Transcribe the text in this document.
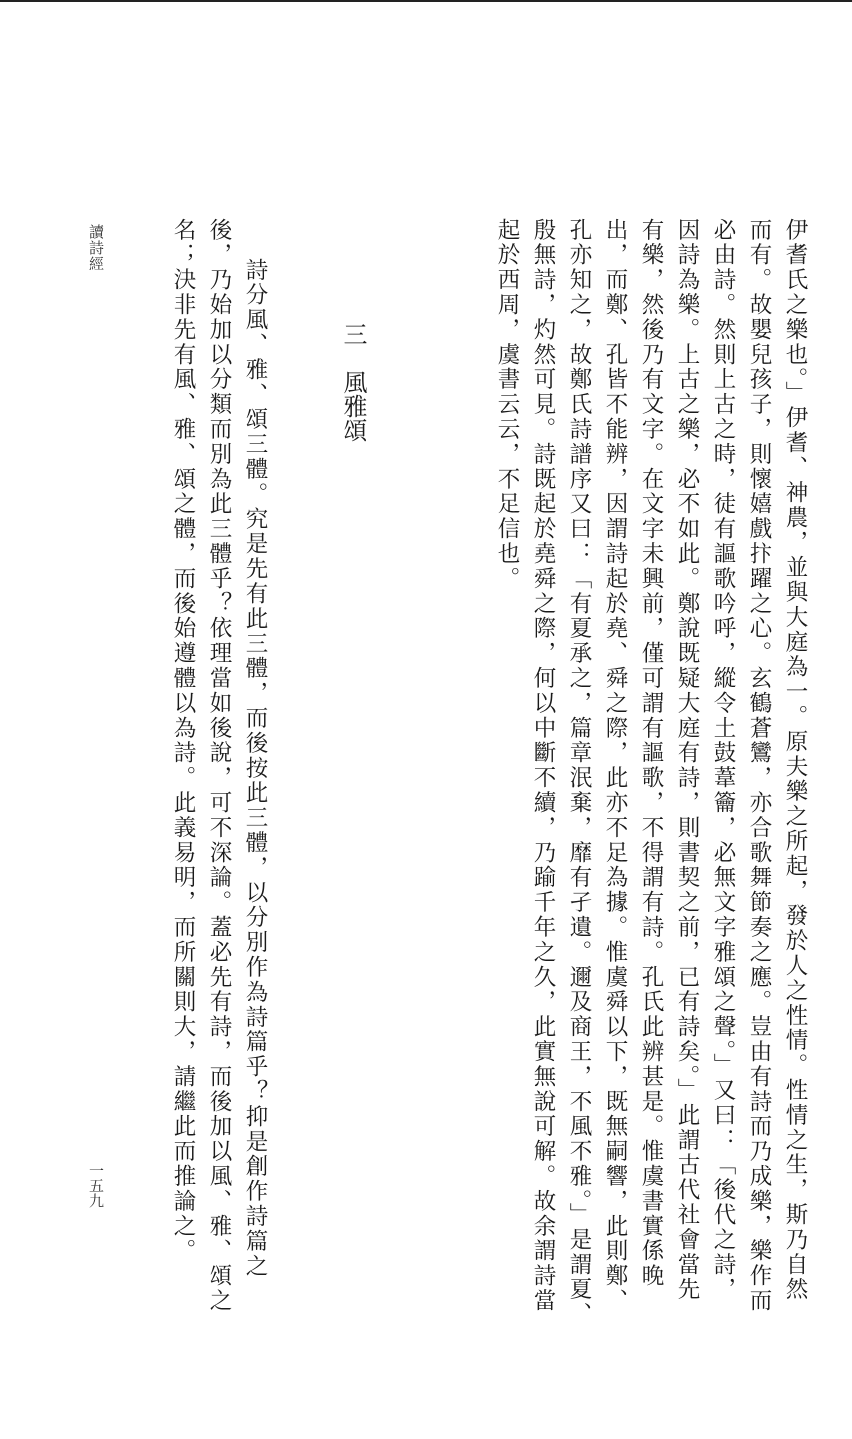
讀詩經
一五九	伊耆氏之樂也。」伊耆、神農，並與大庭為一。原夫樂之所起，發於人之性情。性情之生，斯乃自然
而有。故嬰兒孩子，則懷嬉戲抃躍之心。玄鶴蒼鸞，亦合歌舞節奏之應。豈由有詩而乃成樂，樂作而
必由詩。然則上古之時，徒有謳歌吟呼，縱令土鼓葦籥，必無文字雅頌之聲。」又曰：「後代之詩，
因詩為樂。上古之樂，必不如此。鄭說既疑大庭有詩，則書契之前，已有詩矣。」此謂古代社會當先
有樂，然後乃有文字。在文字未興前，僅可謂有謳歌，不得謂有詩。孔氏此辨甚是。惟虞書實係晚
出，而鄭、孔皆不能辨，因謂詩起於堯、舜之際，此亦不足為據。惟虞舜以下，既無嗣響，此則鄭、
孔亦知之，故鄭氏詩譜序又曰：「有夏承之，篇章泯棄，靡有孑遺。邇及商王，不風不雅。」是謂夏、
殷無詩，灼然可見。詩既起於堯舜之際，何以中斷不續，乃踰千年之久，此實無說可解。故余謂詩當
起於西周，虞書云云，不足信也。
三　風雅頌
詩分風、雅、頌三體。究是先有此三體，而後按此三體，以分別作為詩篇乎？抑是創作詩篇之
後，乃始加以分類而別為此三體乎？依理當如後說，可不深論。蓋必先有詩，而後加以風、雅、頌之
名；決非先有風、雅、頌之體，而後始遵體以為詩。此義易明，而所關則大，請繼此而推論之。
